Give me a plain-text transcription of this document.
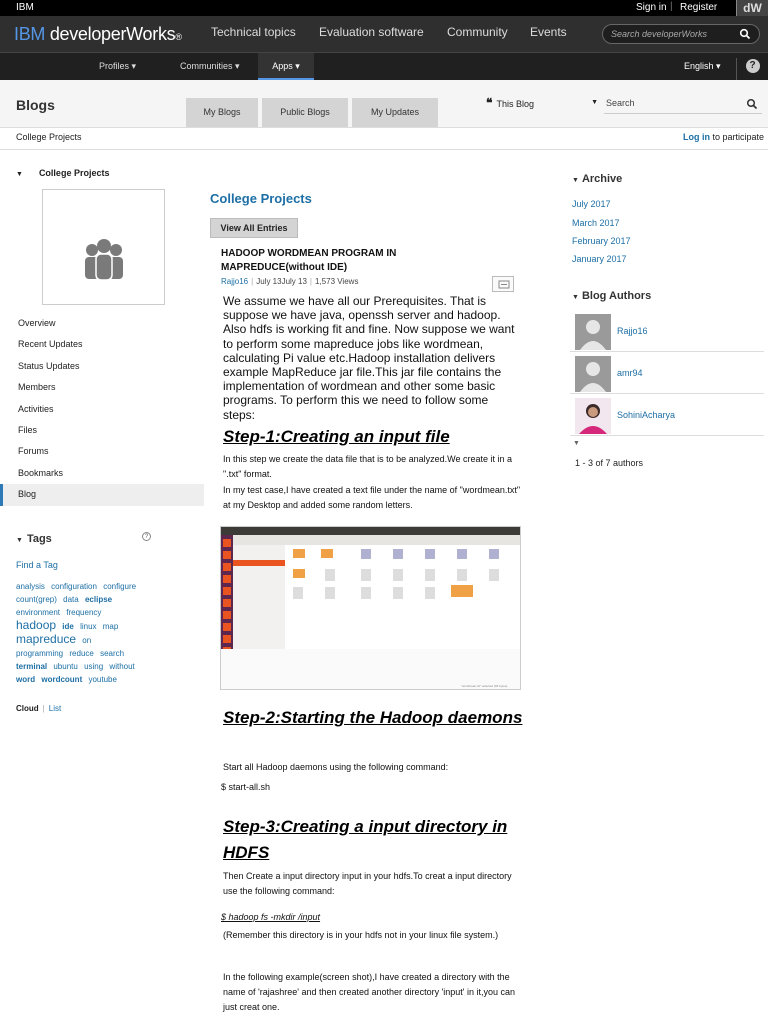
IBM	Sign in | Register	dW
IBM developerWorks® Technical topics Evaluation software Community Events	Search developerWorks
Profiles ▾	Communities ▾	Apps ▾	English ▾	?
Blogs	My Blogs	Public Blogs	My Updates
❝ This Blog	▼ Search
College Projects	Log in to participate
▼ College Projects
Overview
Recent Updates
Status Updates
Members
Activities
Files
Forums
Bookmarks
Blog
▼ Tags	?
Find a Tag
analysis configuration configure count(grep) data eclipse environment frequency hadoop ide linux map mapreduce on programming reduce search terminal ubuntu using without word wordcount youtube
Cloud | List
College Projects
View All Entries
HADOOP WORDMEAN PROGRAM IN MAPREDUCE(without IDE)
Rajjo16 | July 13July 13 | 1,573 Views
We assume we have all our Prerequisites. That is suppose we have java, openssh server and hadoop. Also hdfs is working fit and fine. Now suppose we want to perform some mapreduce jobs like wordmean, calculating Pi value etc.Hadoop installation delivers example MapReduce jar file.This jar file contains the implementation of wordmean and other some basic programs. To perform this we need to follow some steps:
Step-1:Creating an input file
In this step we create the data file that is to be analyzed.We create it in a ".txt" format.
In my test case,I have created a text file under the name of "wordmean.txt" at my Desktop and added some random letters.
"wordmean.txt" selected (83 bytes)
Step-2:Starting the Hadoop daemons
Start all Hadoop daemons using the following command:
$ start-all.sh
Step-3:Creating a input directory in HDFS
Then Create a input directory input in your hdfs.To creat a input directory use the following command:
$ hadoop fs -mkdir /input
(Remember this directory is in your hdfs not in your linux file system.)
In the following example(screen shot),I have created a directory with the name of 'rajashree' and then created another directory 'input' in it,you can just creat one.
▼ Archive
July 2017
March 2017
February 2017
January 2017
▼ Blog Authors
Rajjo16
amr94
SohiniAcharya
▼
1 - 3 of 7 authors
